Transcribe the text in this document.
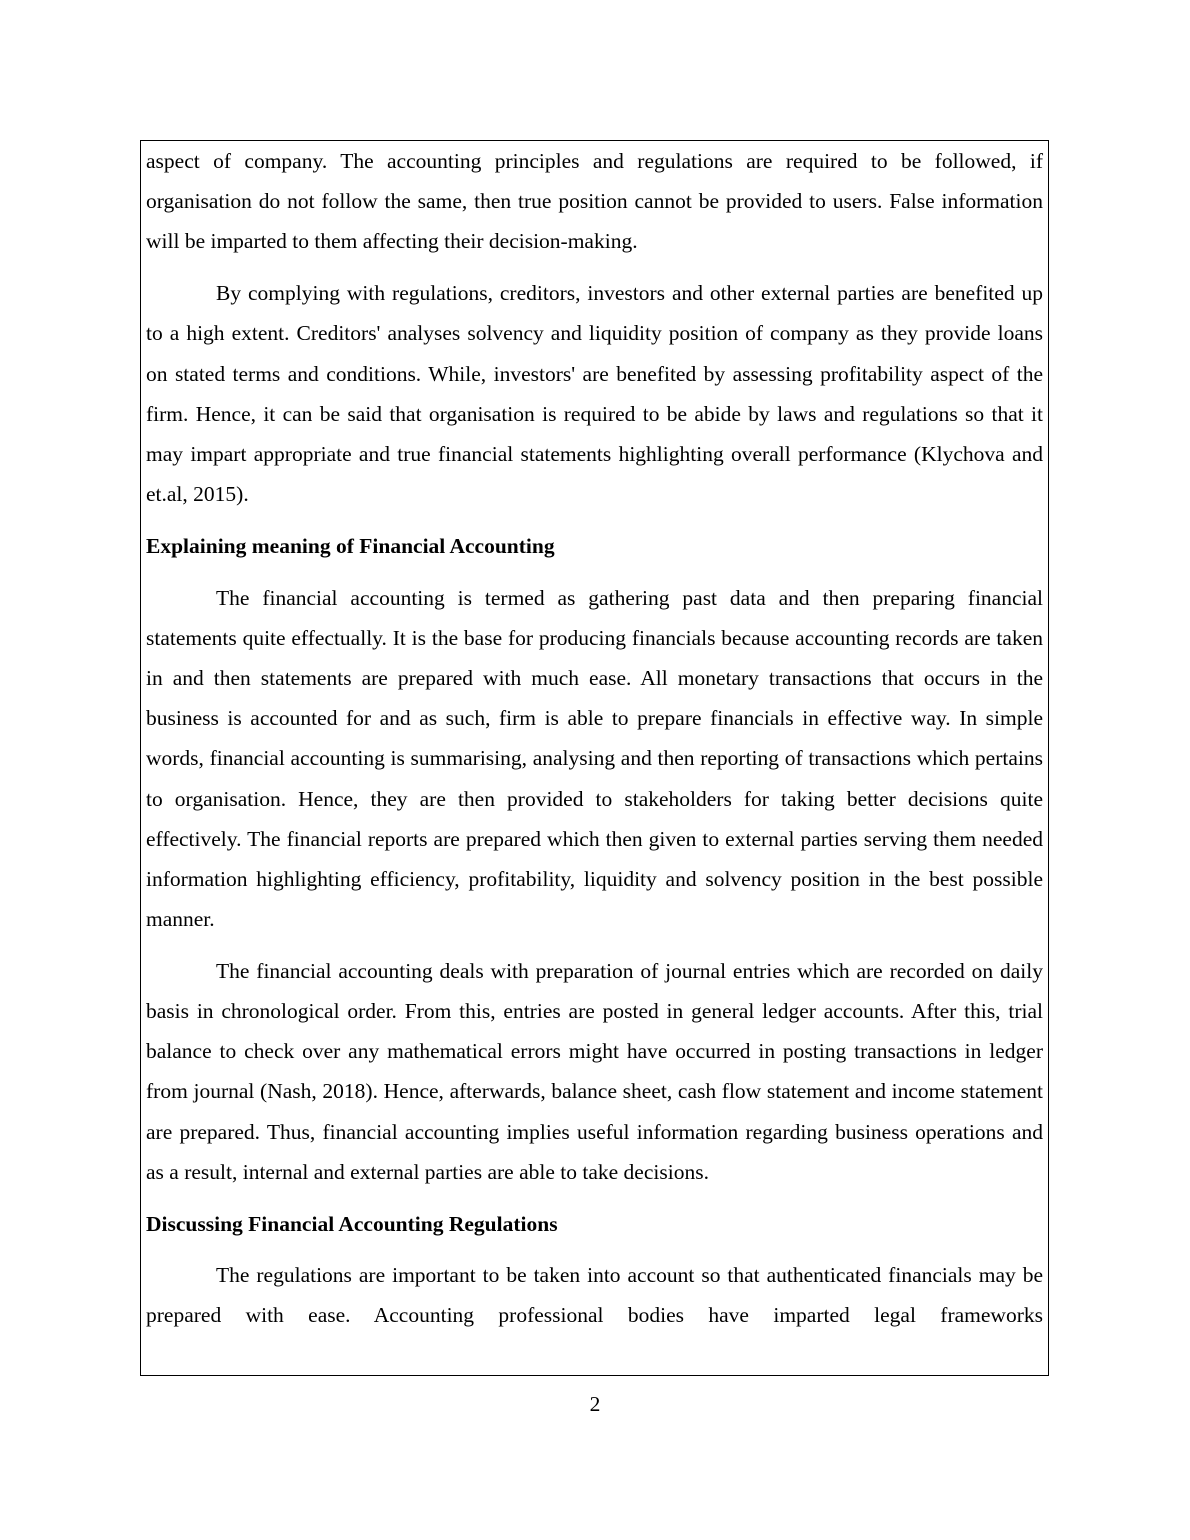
aspect of company. The accounting principles and regulations are required to be followed, if organisation do not follow the same, then true position cannot be provided to users. False information will be imparted to them affecting their decision-making.

By complying with regulations, creditors, investors and other external parties are benefited up to a high extent. Creditors' analyses solvency and liquidity position of company as they provide loans on stated terms and conditions. While, investors' are benefited by assessing profitability aspect of the firm. Hence, it can be said that organisation is required to be abide by laws and regulations so that it may impart appropriate and true financial statements highlighting overall performance (Klychova and et.al, 2015).

Explaining meaning of Financial Accounting

The financial accounting is termed as gathering past data and then preparing financial statements quite effectually. It is the base for producing financials because accounting records are taken in and then statements are prepared with much ease. All monetary transactions that occurs in the business is accounted for and as such, firm is able to prepare financials in effective way. In simple words, financial accounting is summarising, analysing and then reporting of transactions which pertains to organisation. Hence, they are then provided to stakeholders for taking better decisions quite effectively. The financial reports are prepared which then given to external parties serving them needed information highlighting efficiency, profitability, liquidity and solvency position in the best possible manner.

The financial accounting deals with preparation of journal entries which are recorded on daily basis in chronological order. From this, entries are posted in general ledger accounts. After this, trial balance to check over any mathematical errors might have occurred in posting transactions in ledger from journal (Nash, 2018). Hence, afterwards, balance sheet, cash flow statement and income statement are prepared. Thus, financial accounting implies useful information regarding business operations and as a result, internal and external parties are able to take decisions.

Discussing Financial Accounting Regulations

The regulations are important to be taken into account so that authenticated financials may be prepared with ease. Accounting professional bodies have imparted legal frameworks

2
